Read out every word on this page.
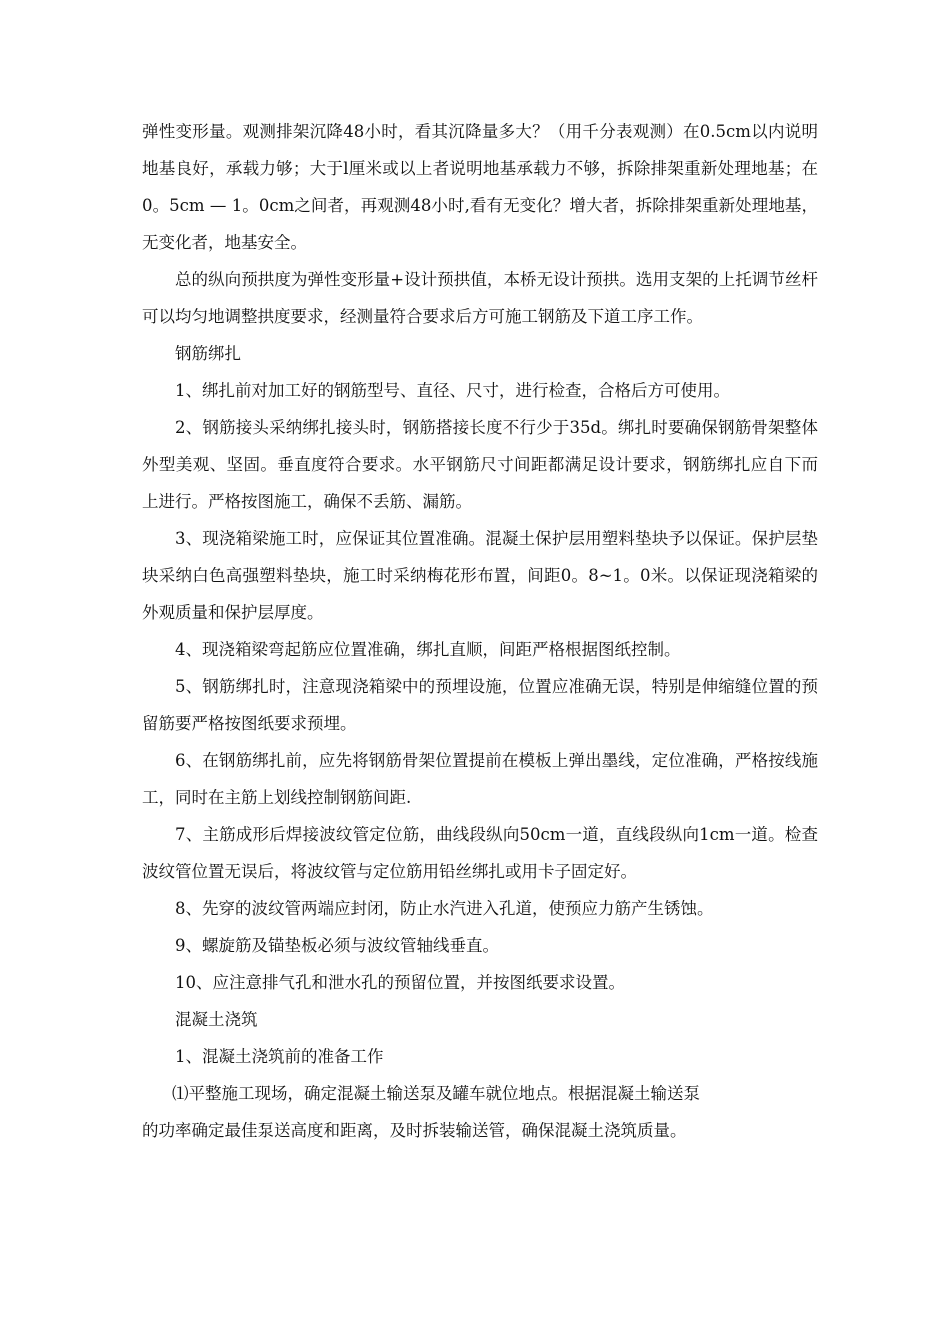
弹性变形量。观测排架沉降48小时，看其沉降量多大？（用千分表观测）在0.5cm以内说明地基良好，承载力够；大于l厘米或以上者说明地基承载力不够，拆除排架重新处理地基；在0。5cm — 1。0cm之间者，再观测48小时,看有无变化？增大者，拆除排架重新处理地基，无变化者，地基安全。

总的纵向预拱度为弹性变形量+设计预拱值，本桥无设计预拱。选用支架的上托调节丝杆可以均匀地调整拱度要求，经测量符合要求后方可施工钢筋及下道工序工作。

钢筋绑扎

1、绑扎前对加工好的钢筋型号、直径、尺寸，进行检查，合格后方可使用。

2、钢筋接头采纳绑扎接头时，钢筋搭接长度不行少于35d。绑扎时要确保钢筋骨架整体外型美观、坚固。垂直度符合要求。水平钢筋尺寸间距都满足设计要求，钢筋绑扎应自下而上进行。严格按图施工，确保不丢筋、漏筋。

3、现浇箱梁施工时，应保证其位置准确。混凝土保护层用塑料垫块予以保证。保护层垫块采纳白色高强塑料垫块，施工时采纳梅花形布置，间距0。8~1。0米。以保证现浇箱梁的外观质量和保护层厚度。

4、现浇箱梁弯起筋应位置准确，绑扎直顺，间距严格根据图纸控制。

5、钢筋绑扎时，注意现浇箱梁中的预埋设施，位置应准确无误，特别是伸缩缝位置的预留筋要严格按图纸要求预埋。

6、在钢筋绑扎前，应先将钢筋骨架位置提前在模板上弹出墨线，定位准确，严格按线施工，同时在主筋上划线控制钢筋间距.

7、主筋成形后焊接波纹管定位筋，曲线段纵向50cm一道，直线段纵向1cm一道。检查波纹管位置无误后，将波纹管与定位筋用铅丝绑扎或用卡子固定好。

8、先穿的波纹管两端应封闭，防止水汽进入孔道，使预应力筋产生锈蚀。

9、螺旋筋及锚垫板必须与波纹管轴线垂直。

10、应注意排气孔和泄水孔的预留位置，并按图纸要求设置。

混凝土浇筑

1、混凝土浇筑前的准备工作

⑴平整施工现场，确定混凝土输送泵及罐车就位地点。根据混凝土输送泵

的功率确定最佳泵送高度和距离，及时拆装输送管，确保混凝土浇筑质量。
